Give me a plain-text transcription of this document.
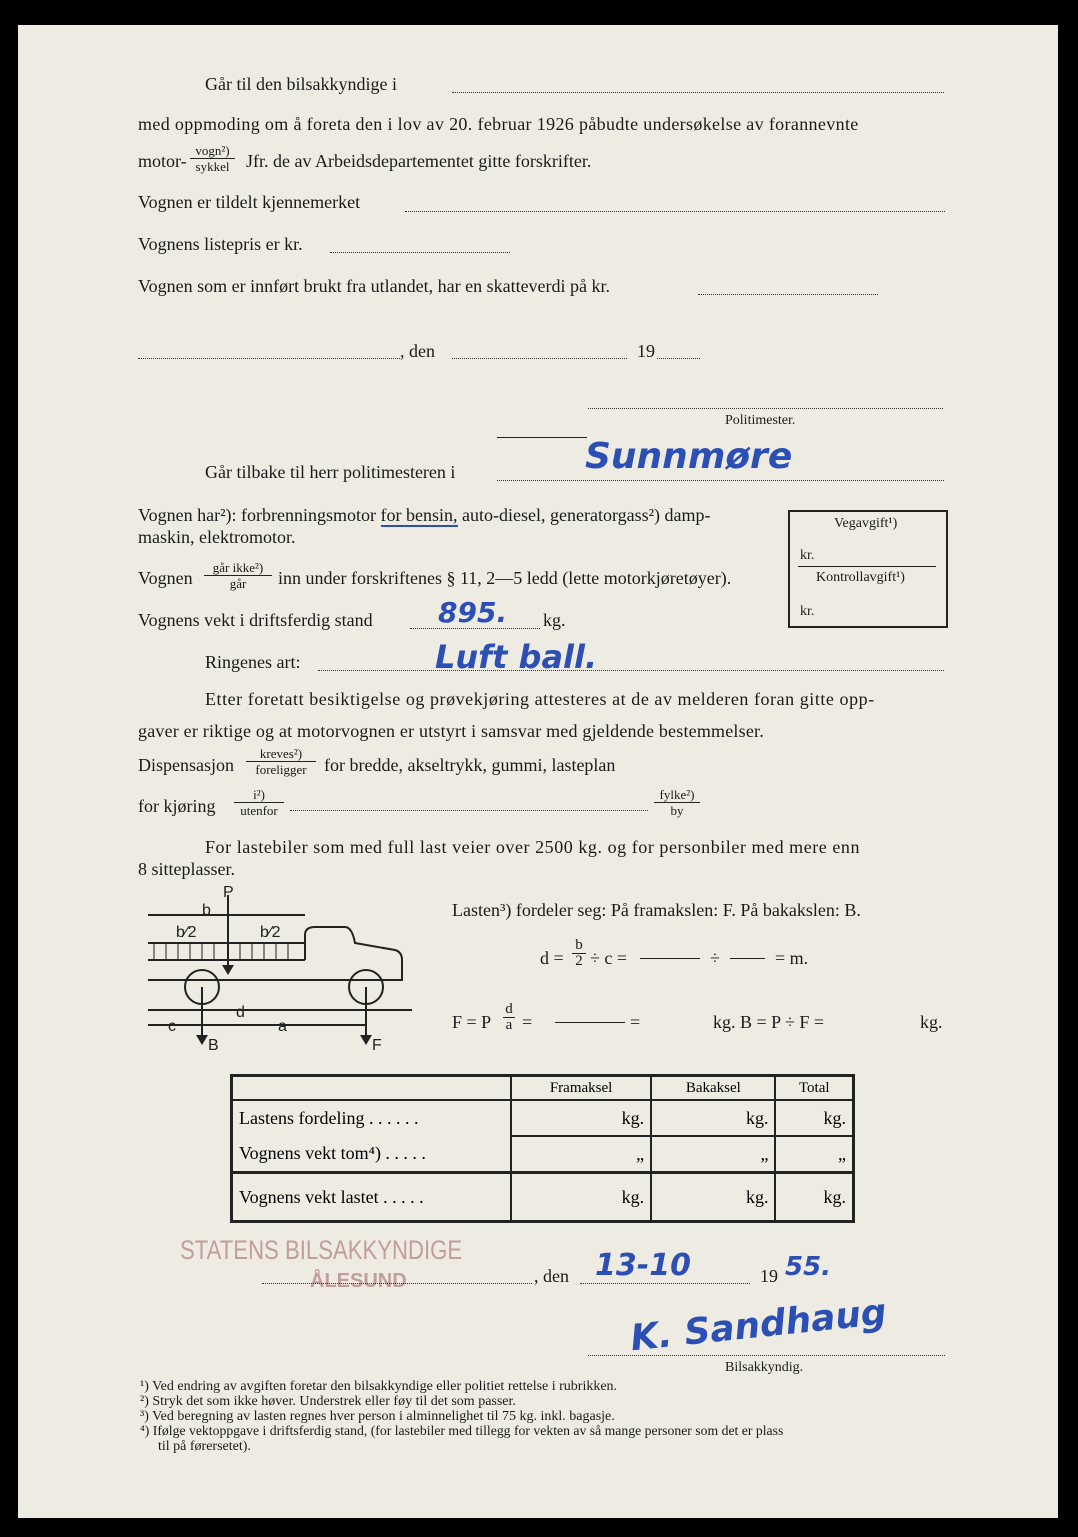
Går til den bilsakkyndige i
med oppmoding om å foreta den i lov av 20. februar 1926 påbudte undersøkelse av forannevnte
motor-
vogn²)
sykkel Jfr. de av Arbeidsdepartementet gitte forskrifter.
Vognen er tildelt kjennemerket
Vognens listepris er kr.
Vognen som er innført brukt fra utlandet, har en skatteverdi på kr.
, den	19
Politimester.
Går tilbake til herr politimesteren i	Sunnmøre
Vognen har²): forbrenningsmotor for bensin, auto-diesel, generatorgass²) damp-
maskin, elektromotor.
Vegavgift¹)
kr.
Kontrollavgift¹)
kr.
Vognen
går ikke²)
går	inn under forskriftenes § 11, 2—5 ledd (lette motorkjøretøyer).
Vognens vekt i driftsferdig stand 895. kg.
Ringenes art:	Luft ball.
Etter foretatt besiktigelse og prøvekjøring attesteres at de av melderen foran gitte opp-
gaver er riktige og at motorvognen er utstyrt i samsvar med gjeldende bestemmelser.
Dispensasjon
kreves²)
foreligger for bredde, akseltrykk, gummi, lasteplan
for kjøring
i²)
utenfor
fylke²)
by
For lastebiler som med full last veier over 2500 kg. og for personbiler med mere enn
8 sitteplasser.
P
b
b⁄2	b⁄2
c
d
a
B	F
Lasten³) fordeler seg: På framakslen: F. På bakakslen: B.
$d = \frac{b}{2} \div c$ =	÷	= m.
F = P $\frac{d}{a}$ =	=	kg. B = P ÷ F =	kg.
	Framaksel	Bakaksel	Total
Lastens fordeling . . . . . .	kg.	kg.	kg.
Vognens vekt tom⁴) . . . . .	„	„	„
Vognens vekt lastet . . . . .	kg.	kg.	kg.
STATENS BILSAKKYNDIGE
ÅLESUND	, den 13-10	19 55.
K. Sandhaug
Bilsakkyndig.
¹) Ved endring av avgiften foretar den bilsakkyndige eller politiet rettelse i rubrikken.
²) Stryk det som ikke høver. Understrek eller føy til det som passer.
³) Ved beregning av lasten regnes hver person i alminnelighet til 75 kg. inkl. bagasje.
⁴) Ifølge vektoppgave i driftsferdig stand, (for lastebiler med tillegg for vekten av så mange personer som det er plass
til på førersetet).
